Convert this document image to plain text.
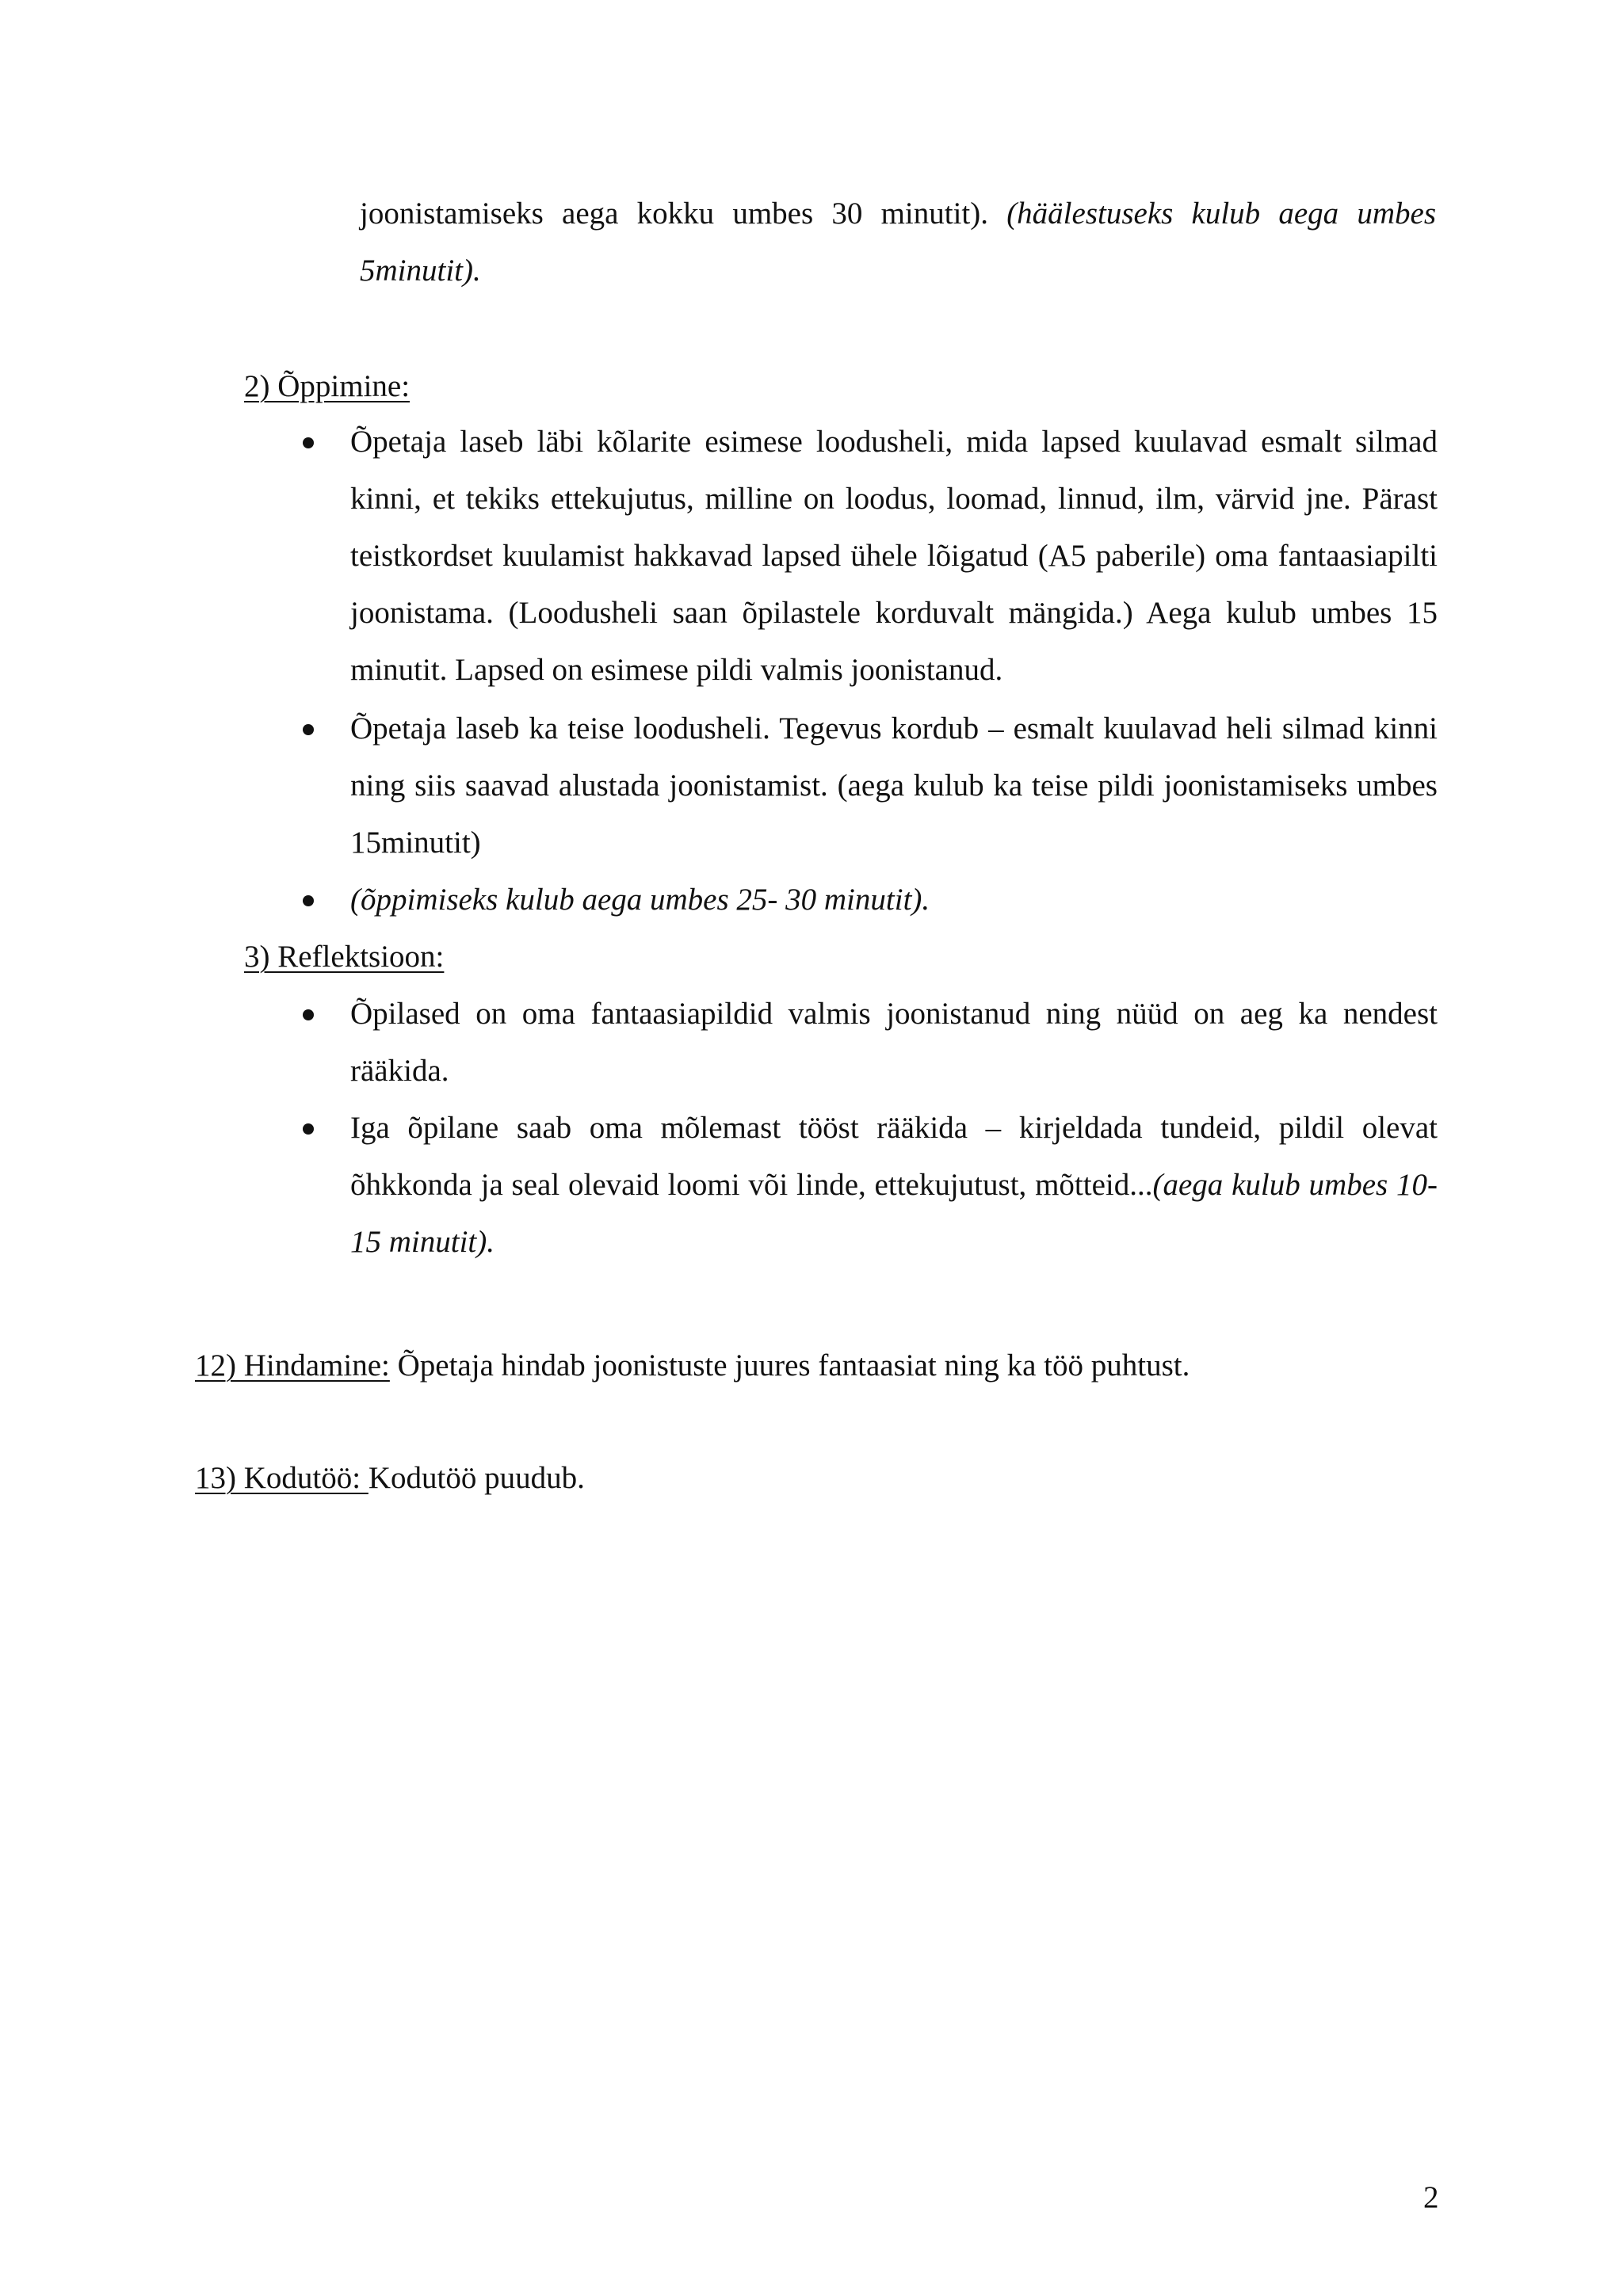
joonistamiseks aega kokku umbes 30 minutit). (häälestuseks kulub aega umbes 5minutit).

2) Õppimine:

Õpetaja laseb läbi kõlarite esimese loodusheli, mida lapsed kuulavad esmalt silmad kinni, et tekiks ettekujutus, milline on loodus, loomad, linnud, ilm, värvid jne. Pärast teistkordset kuulamist hakkavad lapsed ühele lõigatud (A5 paberile) oma fantaasiapilti joonistama. (Loodusheli saan õpilastele korduvalt mängida.) Aega kulub umbes 15 minutit. Lapsed on esimese pildi valmis joonistanud.

Õpetaja laseb ka teise loodusheli. Tegevus kordub – esmalt kuulavad heli silmad kinni ning siis saavad alustada joonistamist. (aega kulub ka teise pildi joonistamiseks umbes 15minutit)

(õppimiseks kulub aega umbes 25- 30 minutit).

3) Reflektsioon:

Õpilased on oma fantaasiapildid valmis joonistanud ning nüüd on aeg ka nendest rääkida.

Iga õpilane saab oma mõlemast tööst rääkida – kirjeldada tundeid, pildil olevat õhkkonda ja seal olevaid loomi või linde, ettekujutust, mõtteid...(aega kulub umbes 10-15 minutit).

12) Hindamine: Õpetaja hindab joonistuste juures fantaasiat ning ka töö puhtust.

13) Kodutöö: Kodutöö puudub.

2
